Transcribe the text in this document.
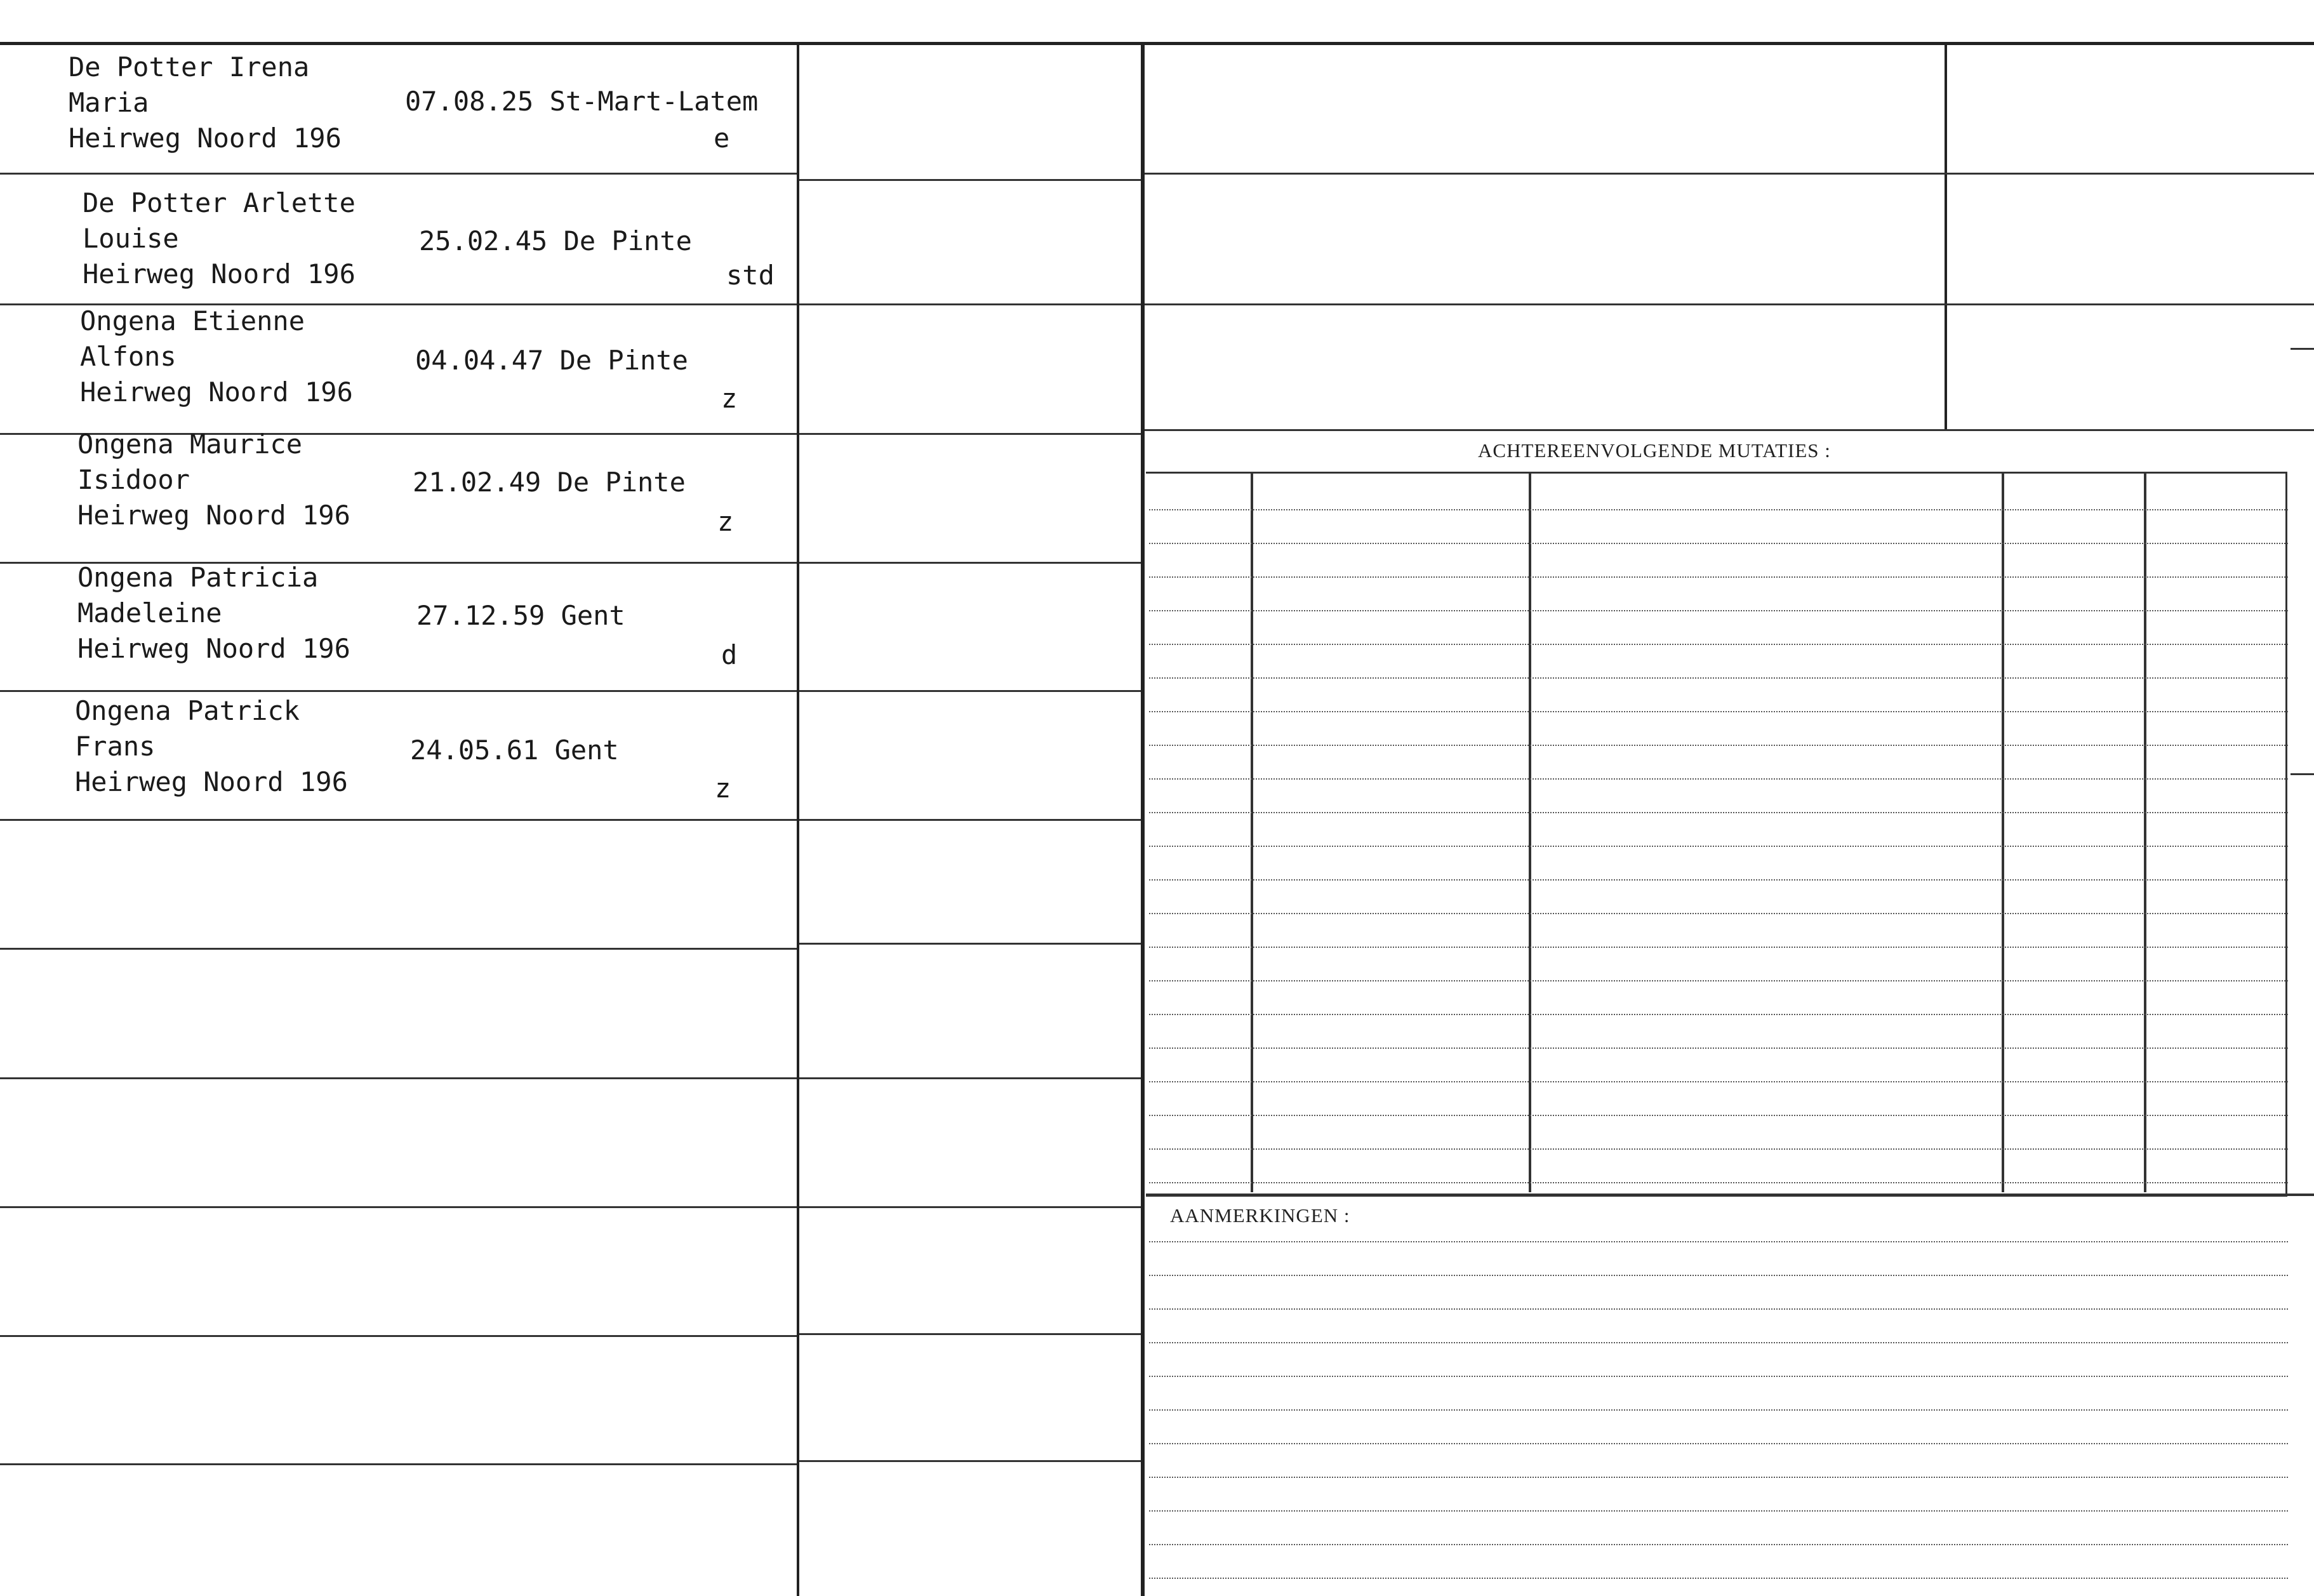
De Potter Irena
Maria
Heirweg Noord 196
07.08.25 St-Mart-Latem
e
De Potter Arlette
Louise
Heirweg Noord 196
25.02.45 De Pinte
std
Ongena Etienne
Alfons
Heirweg Noord 196
04.04.47 De Pinte
z
Ongena Maurice
Isidoor
Heirweg Noord 196
21.02.49 De Pinte
z
Ongena Patricia
Madeleine
Heirweg Noord 196
27.12.59 Gent
d
Ongena Patrick
Frans
Heirweg Noord 196
24.05.61 Gent
z
ACHTEREENVOLGENDE MUTATIES :
AANMERKINGEN :
